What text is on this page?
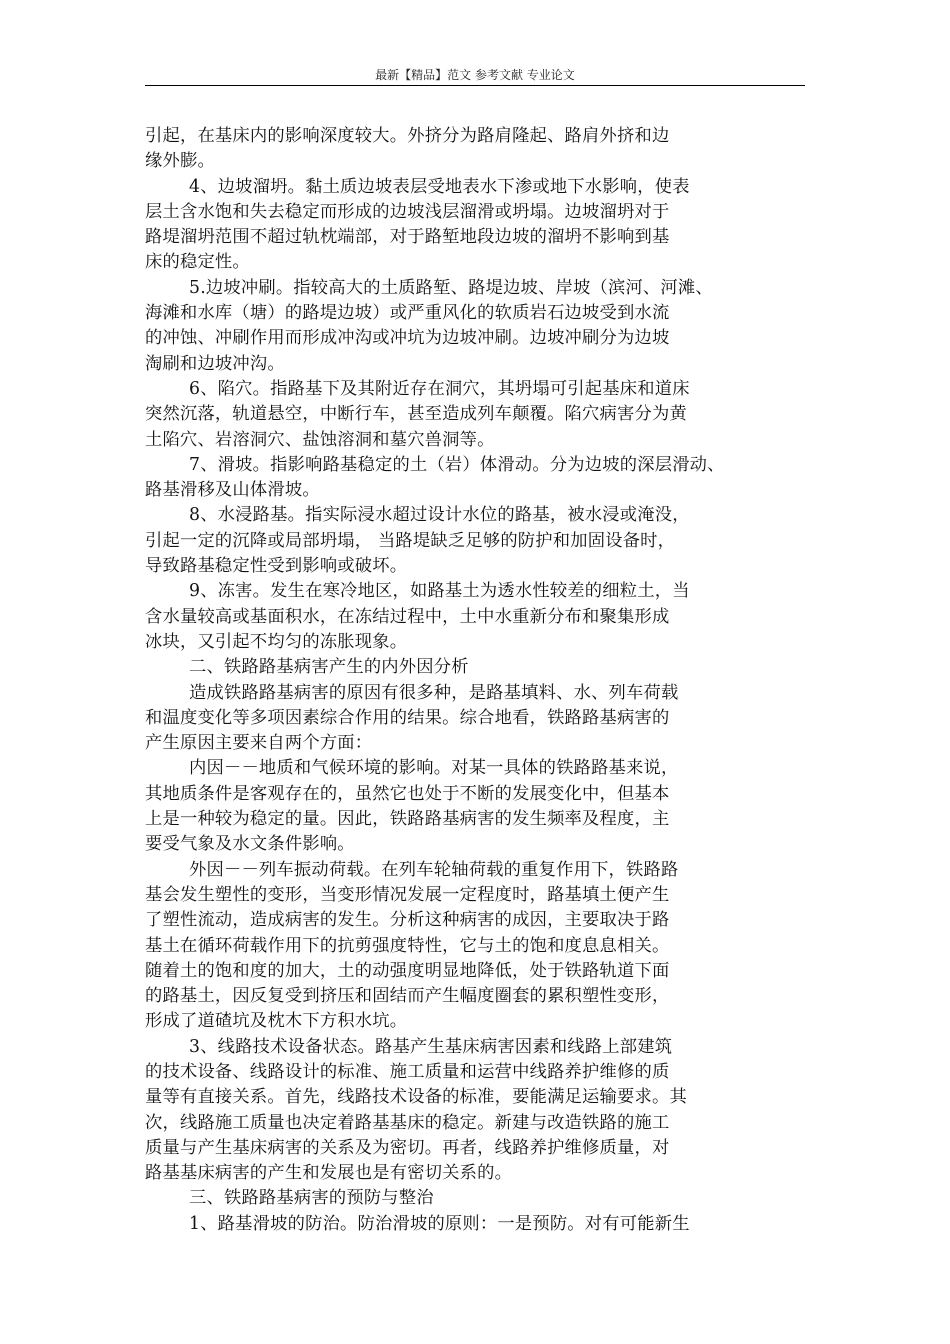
最新【精品】范文 参考文献 专业论文
引起，在基床内的影响深度较大。外挤分为路肩隆起、路肩外挤和边
缘外膨。
4、边坡溜坍。黏土质边坡表层受地表水下渗或地下水影响，使表
层土含水饱和失去稳定而形成的边坡浅层溜滑或坍塌。边坡溜坍对于
路堤溜坍范围不超过轨枕端部，对于路堑地段边坡的溜坍不影响到基
床的稳定性。
5.边坡冲刷。指较高大的土质路堑、路堤边坡、岸坡（滨河、河滩、
海滩和水库（塘）的路堤边坡）或严重风化的软质岩石边坡受到水流
的冲蚀、冲刷作用而形成冲沟或冲坑为边坡冲刷。边坡冲刷分为边坡
淘刷和边坡冲沟。
6、陷穴。指路基下及其附近存在洞穴，其坍塌可引起基床和道床
突然沉落，轨道悬空，中断行车，甚至造成列车颠覆。陷穴病害分为黄
土陷穴、岩溶洞穴、盐蚀溶洞和墓穴兽洞等。
7、滑坡。指影响路基稳定的土（岩）体滑动。分为边坡的深层滑动、
路基滑移及山体滑坡。
8、水浸路基。指实际浸水超过设计水位的路基，被水浸或淹没，
引起一定的沉降或局部坍塌， 当路堤缺乏足够的防护和加固设备时，
导致路基稳定性受到影响或破坏。
9、冻害。发生在寒冷地区，如路基土为透水性较差的细粒土，当
含水量较高或基面积水，在冻结过程中，土中水重新分布和聚集形成
冰块，又引起不均匀的冻胀现象。
二、铁路路基病害产生的内外因分析
造成铁路路基病害的原因有很多种，是路基填料、水、列车荷载
和温度变化等多项因素综合作用的结果。综合地看，铁路路基病害的
产生原因主要来自两个方面：
内因－－地质和气候环境的影响。对某一具体的铁路路基来说，
其地质条件是客观存在的，虽然它也处于不断的发展变化中，但基本
上是一种较为稳定的量。因此，铁路路基病害的发生频率及程度，主
要受气象及水文条件影响。
外因－－列车振动荷载。在列车轮轴荷载的重复作用下，铁路路
基会发生塑性的变形，当变形情况发展一定程度时，路基填土便产生
了塑性流动，造成病害的发生。分析这种病害的成因，主要取决于路
基土在循环荷载作用下的抗剪强度特性，它与土的饱和度息息相关。
随着土的饱和度的加大，土的动强度明显地降低，处于铁路轨道下面
的路基土，因反复受到挤压和固结而产生幅度圈套的累积塑性变形，
形成了道碴坑及枕木下方积水坑。
3、线路技术设备状态。路基产生基床病害因素和线路上部建筑
的技术设备、线路设计的标准、施工质量和运营中线路养护维修的质
量等有直接关系。首先，线路技术设备的标准，要能满足运输要求。其
次，线路施工质量也决定着路基基床的稳定。新建与改造铁路的施工
质量与产生基床病害的关系及为密切。再者，线路养护维修质量，对
路基基床病害的产生和发展也是有密切关系的。
三、铁路路基病害的预防与整治
1、路基滑坡的防治。防治滑坡的原则：一是预防。对有可能新生
